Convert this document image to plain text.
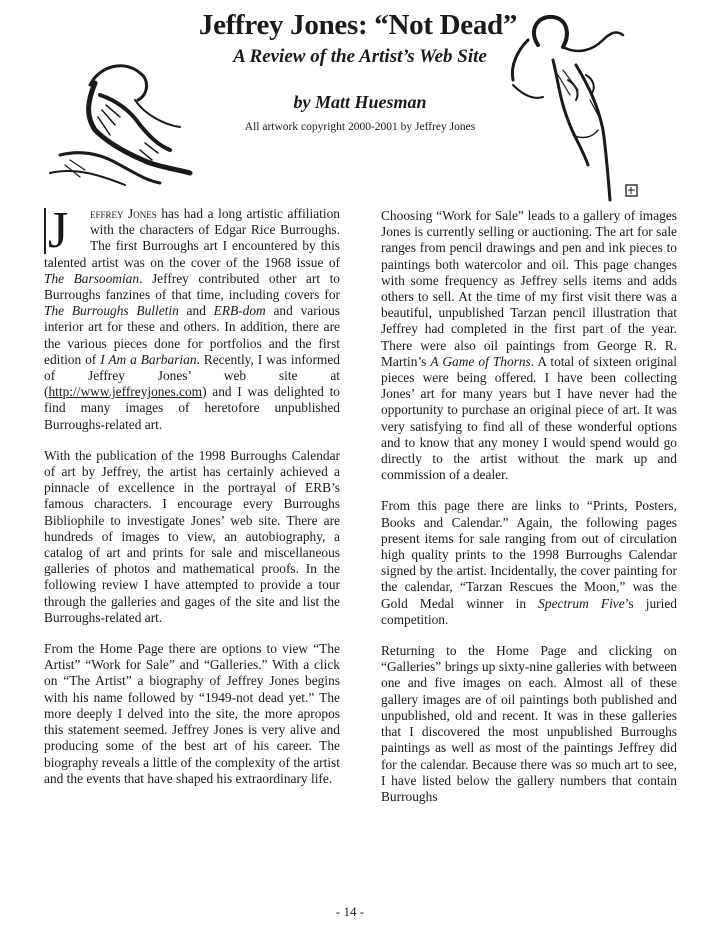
Jeffrey Jones: “Not Dead”
A Review of the Artist’s Web Site
by Matt Huesman
All artwork copyright 2000-2001 by Jeffrey Jones

J	effrey Jones has had a long artistic affiliation with the characters of Edgar Rice Burroughs. The first Burroughs art I encountered by this talented artist was on the cover of the 1968 issue of The Barsoomian. Jeffrey contributed other art to Burroughs fanzines of that time, including covers for The Burroughs Bulletin and ERB-dom and various interior art for these and others. In addition, there are the various pieces done for portfolios and the first edition of I Am a Barbarian. Recently, I was informed of Jeffrey Jones’ web site at (http://www.jeffreyjones.com) and I was delighted to find many images of heretofore unpublished Burroughs-related art.

With the publication of the 1998 Burroughs Calendar of art by Jeffrey, the artist has certainly achieved a pinnacle of excellence in the portrayal of ERB’s famous characters. I encourage every Burroughs Bibliophile to investigate Jones’ web site. There are hundreds of images to view, an autobiography, a catalog of art and prints for sale and miscellaneous galleries of photos and mathematical proofs. In the following review I have attempted to provide a tour through the galleries and gages of the site and list the Burroughs-related art.

From the Home Page there are options to view “The Artist” “Work for Sale” and “Galleries.” With a click on “The Artist” a biography of Jeffrey Jones begins with his name followed by “1949-not dead yet.” The more deeply I delved into the site, the more apropos this statement seemed. Jeffrey Jones is very alive and producing some of the best art of his career. The biography reveals a little of the complexity of the artist and the events that have shaped his extraordinary life.

Choosing “Work for Sale” leads to a gallery of images Jones is currently selling or auctioning. The art for sale ranges from pencil drawings and pen and ink pieces to paintings both watercolor and oil. This page changes with some frequency as Jeffrey sells items and adds others to sell. At the time of my first visit there was a beautiful, unpublished Tarzan pencil illustration that Jeffrey had completed in the first part of the year. There were also oil paintings from George R. R. Martin’s A Game of Thorns. A total of sixteen original pieces were being offered. I have been collecting Jones’ art for many years but I have never had the opportunity to purchase an original piece of art. It was very satisfying to find all of these wonderful options and to know that any money I would spend would go directly to the artist without the mark up and commission of a dealer.

From this page there are links to “Prints, Posters, Books and Calendar.” Again, the following pages present items for sale ranging from out of circulation high quality prints to the 1998 Burroughs Calendar signed by the artist. Incidentally, the cover painting for the calendar, “Tarzan Rescues the Moon,” was the Gold Medal winner in Spectrum Five’s juried competition.

Returning to the Home Page and clicking on “Galleries” brings up sixty-nine galleries with between one and five images on each. Almost all of these gallery images are of oil paintings both published and unpublished, old and recent. It was in these galleries that I discovered the most unpublished Burroughs paintings as well as most of the paintings Jeffrey did for the calendar. Because there was so much art to see, I have listed below the gallery numbers that contain Burroughs

- 14 -
